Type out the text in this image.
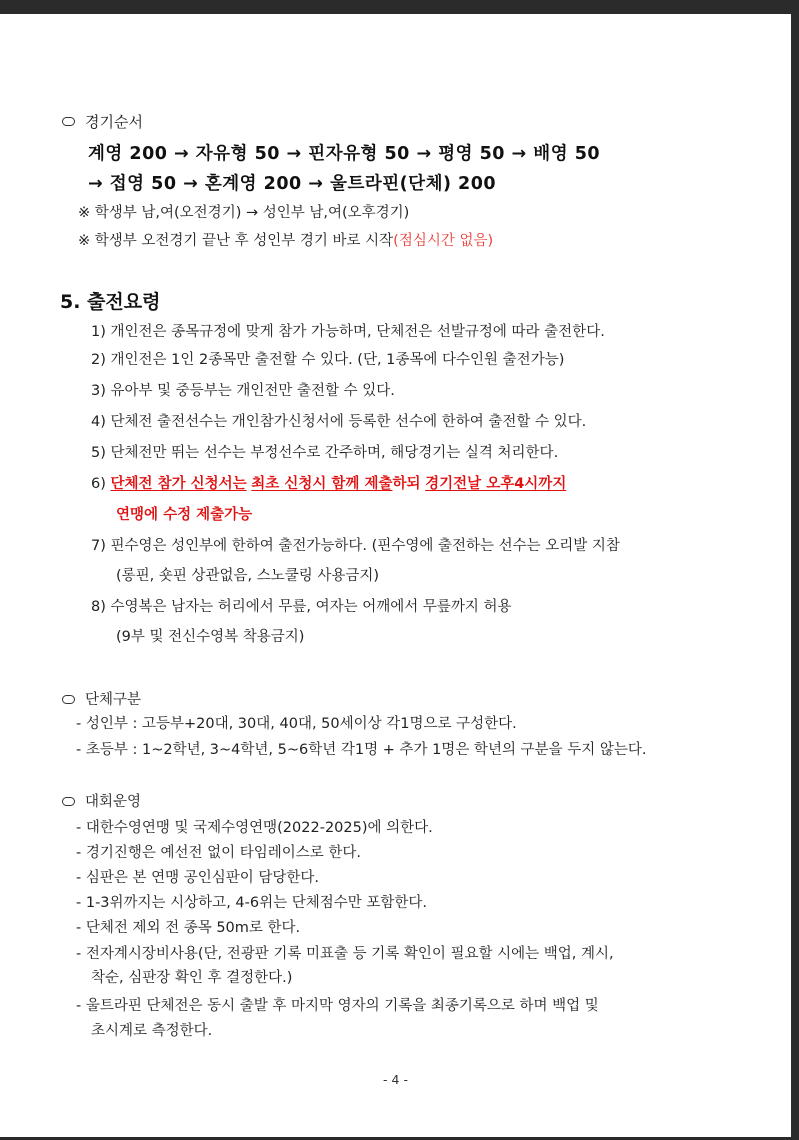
경기순서
계영 200 → 자유형 50 → 핀자유형 50 → 평영 50 → 배영 50
→ 접영 50 → 혼계영 200 → 울트라핀(단체) 200
※ 학생부 남,여(오전경기) → 성인부 남,여(오후경기)
※ 학생부 오전경기 끝난 후 성인부 경기 바로 시작(점심시간 없음)
5. 출전요령
1) 개인전은 종목규정에 맞게 참가 가능하며, 단체전은 선발규정에 따라 출전한다.
2) 개인전은 1인 2종목만 출전할 수 있다. (단, 1종목에 다수인원 출전가능)
3) 유아부 및 중등부는 개인전만 출전할 수 있다.
4) 단체전 출전선수는 개인참가신청서에 등록한 선수에 한하여 출전할 수 있다.
5) 단체전만 뛰는 선수는 부정선수로 간주하며, 해당경기는 실격 처리한다.
6) 단체전 참가 신청서는 최초 신청시 함께 제출하되 경기전날 오후4시까지
연맹에 수정 제출가능
7) 핀수영은 성인부에 한하여 출전가능하다. (핀수영에 출전하는 선수는 오리발 지참
(롱핀, 숏핀 상관없음, 스노쿨링 사용금지)
8) 수영복은 남자는 허리에서 무릎, 여자는 어깨에서 무릎까지 허용
(9부 및 전신수영복 착용금지)
단체구분
- 성인부 : 고등부+20대, 30대, 40대, 50세이상 각1명으로 구성한다.
- 초등부 : 1~2학년, 3~4학년, 5~6학년 각1명 + 추가 1명은 학년의 구분을 두지 않는다.
대회운영
- 대한수영연맹 및 국제수영연맹(2022-2025)에 의한다.
- 경기진행은 예선전 없이 타임레이스로 한다.
- 심판은 본 연맹 공인심판이 담당한다.
- 1-3위까지는 시상하고, 4-6위는 단체점수만 포함한다.
- 단체전 제외 전 종목 50m로 한다.
- 전자계시장비사용(단, 전광판 기록 미표출 등 기록 확인이 필요할 시에는 백업, 계시,
착순, 심판장 확인 후 결정한다.)
- 울트라핀 단체전은 동시 출발 후 마지막 영자의 기록을 최종기록으로 하며 백업 및
초시계로 측정한다.
- 4 -
